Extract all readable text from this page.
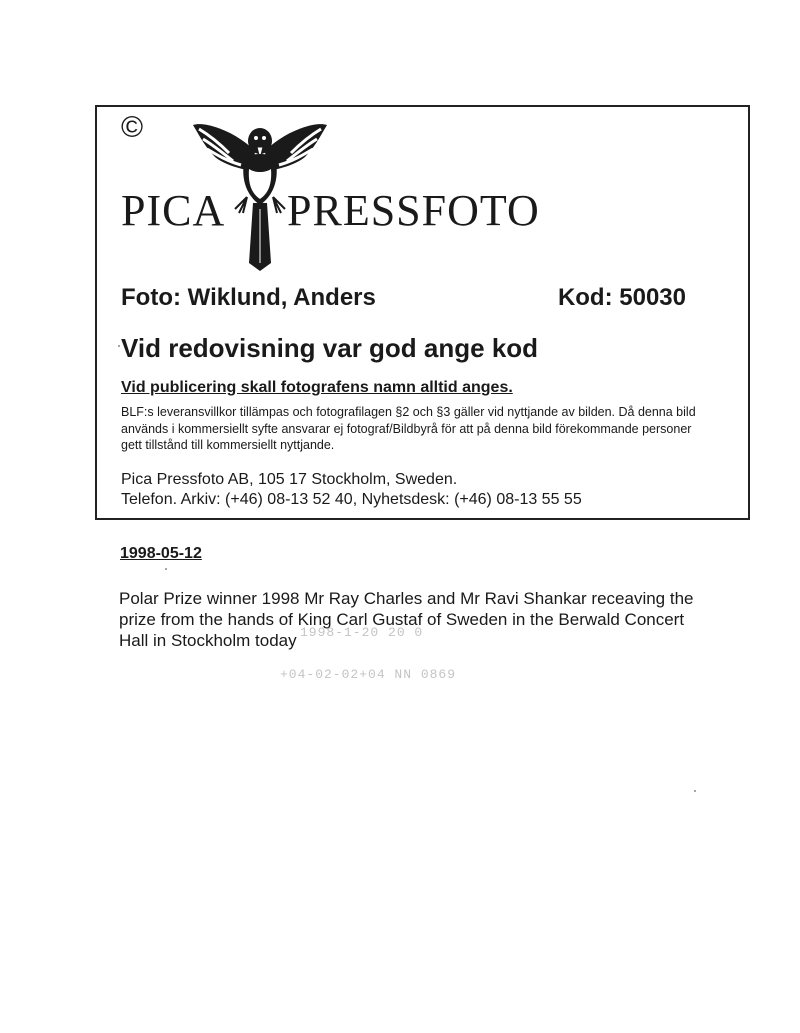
©
PICA PRESSFOTO
Foto: Wiklund, Anders	Kod: 50030
Vid redovisning var god ange kod
Vid publicering skall fotografens namn alltid anges.
BLF:s leveransvillkor tillämpas och fotografilagen §2 och §3 gäller vid nyttjande av bilden. Då denna bild används i kommersiellt syfte ansvarar ej fotograf/Bildbyrå för att på denna bild förekommande personer gett tillstånd till kommersiellt nyttjande.
Pica Pressfoto AB, 105 17 Stockholm, Sweden.
Telefon. Arkiv: (+46) 08-13 52 40, Nyhetsdesk: (+46) 08-13 55 55
1998-05-12
Polar Prize winner 1998 Mr Ray Charles and Mr Ravi Shankar receaving the prize from the hands of King Carl Gustaf of Sweden in the Berwald Concert Hall in Stockholm today 1998-1-20 20 0
+04-02-02+04 NN 0869
